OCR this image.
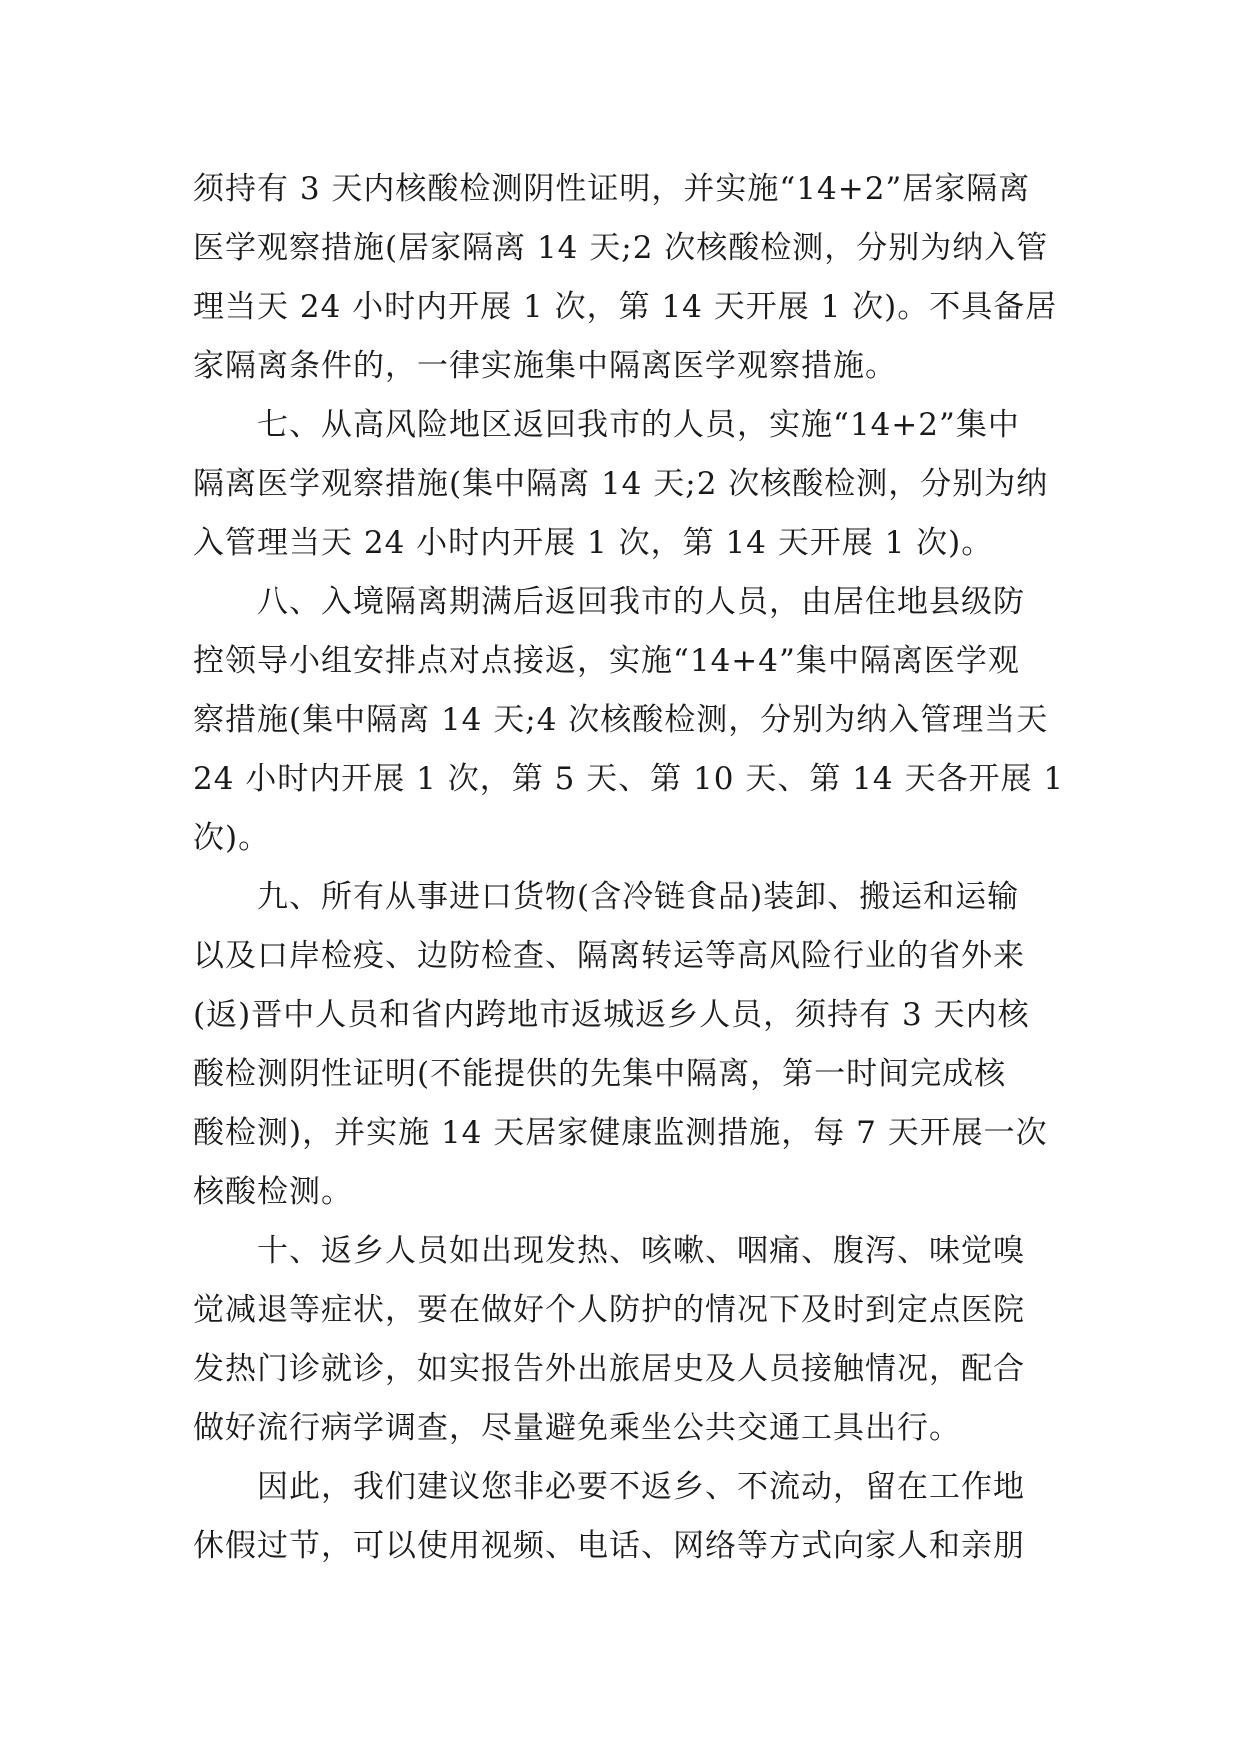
须持有 3 天内核酸检测阴性证明，并实施“14+2”居家隔离
医学观察措施(居家隔离 14 天;2 次核酸检测，分别为纳入管
理当天 24 小时内开展 1 次，第 14 天开展 1 次)。不具备居
家隔离条件的，一律实施集中隔离医学观察措施。
　　七、从高风险地区返回我市的人员，实施“14+2”集中
隔离医学观察措施(集中隔离 14 天;2 次核酸检测，分别为纳
入管理当天 24 小时内开展 1 次，第 14 天开展 1 次)。
　　八、入境隔离期满后返回我市的人员，由居住地县级防
控领导小组安排点对点接返，实施“14+4”集中隔离医学观
察措施(集中隔离 14 天;4 次核酸检测，分别为纳入管理当天
24 小时内开展 1 次，第 5 天、第 10 天、第 14 天各开展 1
次)。
　　九、所有从事进口货物(含冷链食品)装卸、搬运和运输
以及口岸检疫、边防检查、隔离转运等高风险行业的省外来
(返)晋中人员和省内跨地市返城返乡人员，须持有 3 天内核
酸检测阴性证明(不能提供的先集中隔离，第一时间完成核
酸检测)，并实施 14 天居家健康监测措施，每 7 天开展一次
核酸检测。
　　十、返乡人员如出现发热、咳嗽、咽痛、腹泻、味觉嗅
觉减退等症状，要在做好个人防护的情况下及时到定点医院
发热门诊就诊，如实报告外出旅居史及人员接触情况，配合
做好流行病学调查，尽量避免乘坐公共交通工具出行。
　　因此，我们建议您非必要不返乡、不流动，留在工作地
休假过节，可以使用视频、电话、网络等方式向家人和亲朋
